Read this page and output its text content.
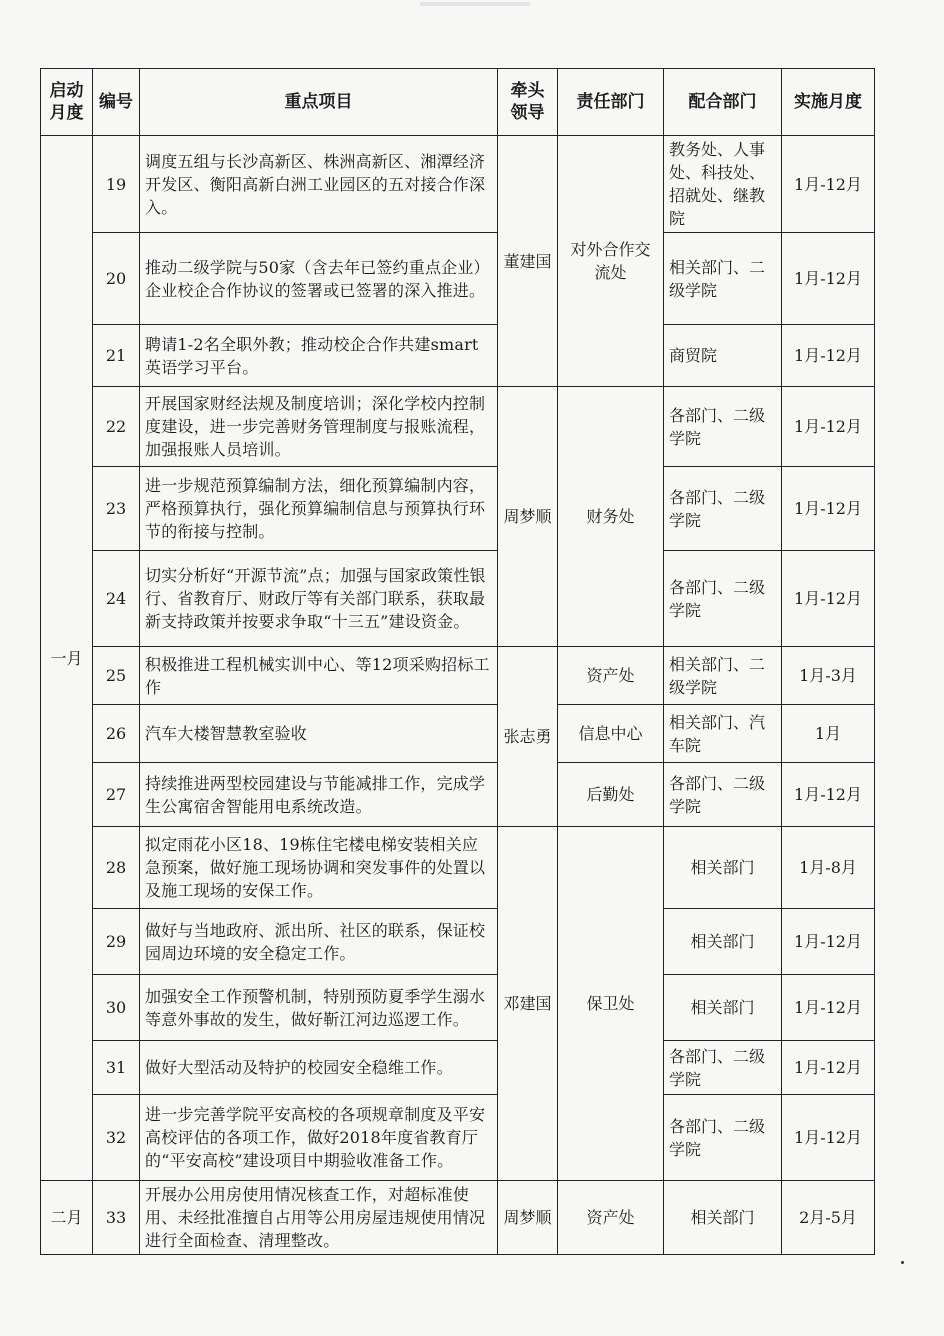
启动月度	编号	重点项目	牵头领导	责任部门	配合部门	实施月度
一月	19	调度五组与长沙高新区、株洲高新区、湘潭经济开发区、衡阳高新白洲工业园区的五对接合作深入。	董建国	对外合作交流处	教务处、人事处、科技处、招就处、继教院	1月-12月
	20	推动二级学院与50家（含去年已签约重点企业）企业校企合作协议的签署或已签署的深入推进。			相关部门、二级学院	1月-12月
	21	聘请1-2名全职外教；推动校企合作共建smart英语学习平台。			商贸院	1月-12月
	22	开展国家财经法规及制度培训；深化学校内控制度建设，进一步完善财务管理制度与报账流程，加强报账人员培训。	周梦顺	财务处	各部门、二级学院	1月-12月
	23	进一步规范预算编制方法，细化预算编制内容，严格预算执行，强化预算编制信息与预算执行环节的衔接与控制。			各部门、二级学院	1月-12月
	24	切实分析好“开源节流”点；加强与国家政策性银行、省教育厅、财政厅等有关部门联系，获取最新支持政策并按要求争取“十三五”建设资金。			各部门、二级学院	1月-12月
	25	积极推进工程机械实训中心、等12项采购招标工作	张志勇	资产处	相关部门、二级学院	1月-3月
	26	汽车大楼智慧教室验收		信息中心	相关部门、汽车院	1月
	27	持续推进两型校园建设与节能减排工作，完成学生公寓宿舍智能用电系统改造。		后勤处	各部门、二级学院	1月-12月
	28	拟定雨花小区18、19栋住宅楼电梯安装相关应急预案，做好施工现场协调和突发事件的处置以及施工现场的安保工作。	邓建国	保卫处	相关部门	1月-8月
	29	做好与当地政府、派出所、社区的联系，保证校园周边环境的安全稳定工作。			相关部门	1月-12月
	30	加强安全工作预警机制，特别预防夏季学生溺水等意外事故的发生，做好靳江河边巡逻工作。			相关部门	1月-12月
	31	做好大型活动及特护的校园安全稳维工作。			各部门、二级学院	1月-12月
	32	进一步完善学院平安高校的各项规章制度及平安高校评估的各项工作，做好2018年度省教育厅的“平安高校”建设项目中期验收准备工作。			各部门、二级学院	1月-12月
二月	33	开展办公用房使用情况核查工作，对超标准使用、未经批准擅自占用等公用房屋违规使用情况进行全面检查、清理整改。	周梦顺	资产处	相关部门	2月-5月
